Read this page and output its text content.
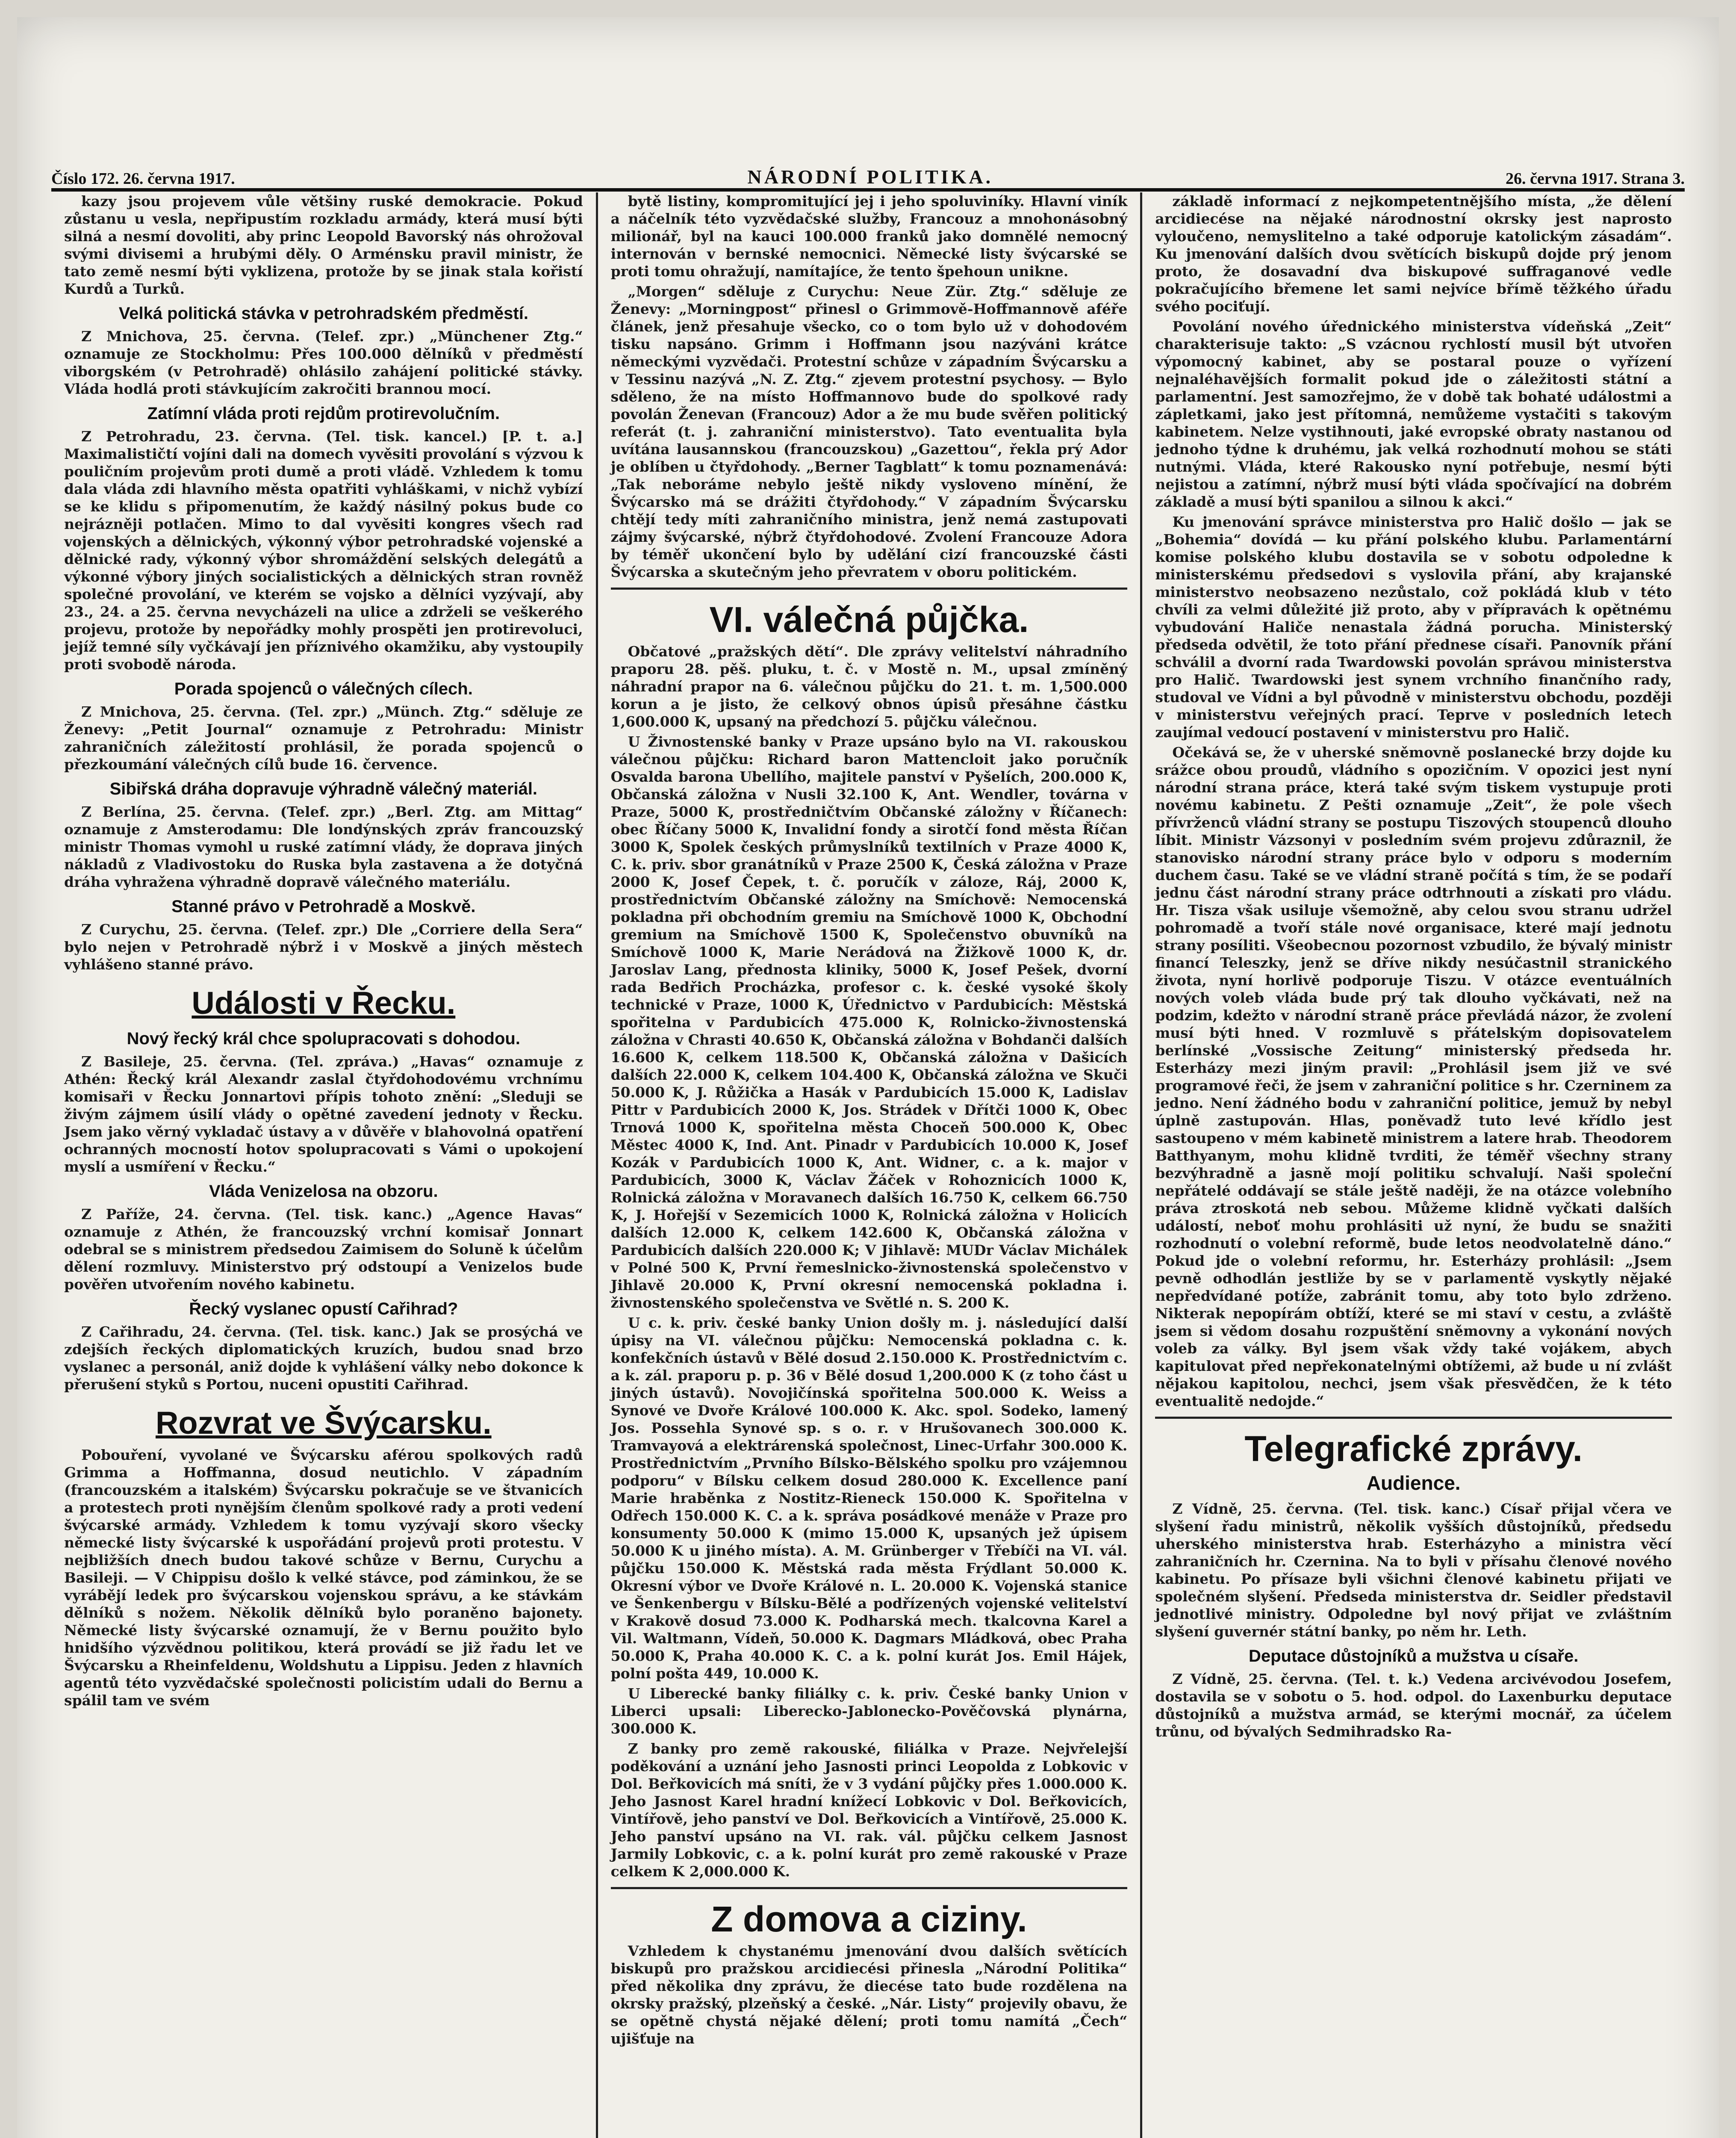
Číslo 172. 26. června 1917.	NÁRODNÍ POLITIKA.	26. června 1917. Strana 3.

kazy jsou projevem vůle většiny ruské demokracie. Pokud zůstanu u vesla, nepřipustím rozkladu armády, která musí býti silná a nesmí dovoliti, aby princ Leopold Bavorský nás ohrožoval svými divisemi a hrubými děly. O Arménsku pravil ministr, že tato země nesmí býti vyklizena, protože by se jinak stala kořistí Kurdů a Turků.

Velká politická stávka v petrohradském předměstí.

Z Mnichova, 25. června. (Telef. zpr.) „Münchener Ztg.“ oznamuje ze Stockholmu: Přes 100.000 dělníků v předměstí viborgském (v Petrohradě) ohlásilo zahájení politické stávky. Vláda hodlá proti stávkujícím zakročiti brannou mocí.

Zatímní vláda proti rejdům protirevolučním.

Z Petrohradu, 23. června. (Tel. tisk. kancel.) [P. t. a.] Maximalističtí vojíni dali na domech vyvěsiti provolání s výzvou k pouličním projevům proti dumě a proti vládě. Vzhledem k tomu dala vláda zdi hlavního města opatřiti vyhláškami, v nichž vybízí se ke klidu s připomenutím, že každý násilný pokus bude co nejrázněji potlačen. Mimo to dal vyvěsiti kongres všech rad vojenských a dělnických, výkonný výbor petrohradské vojenské a dělnické rady, výkonný výbor shromáždění selských delegátů a výkonné výbory jiných socialistických a dělnických stran rovněž společné provolání, ve kterém se vojsko a dělníci vyzývají, aby 23., 24. a 25. června nevycházeli na ulice a zdrželi se veškerého projevu, protože by nepořádky mohly prospěti jen protirevoluci, jejíž temné síly vyčkávají jen příznivého okamžiku, aby vystoupily proti svobodě národa.

Porada spojenců o válečných cílech.

Z Mnichova, 25. června. (Tel. zpr.) „Münch. Ztg.“ sděluje ze Ženevy: „Petit Journal“ oznamuje z Petrohradu: Ministr zahraničních záležitostí prohlásil, že porada spojenců o přezkoumání válečných cílů bude 16. července.

Sibiřská dráha dopravuje výhradně válečný materiál.

Z Berlína, 25. června. (Telef. zpr.) „Berl. Ztg. am Mittag“ oznamuje z Amsterodamu: Dle londýnských zpráv francouzský ministr Thomas vymohl u ruské zatímní vlády, že doprava jiných nákladů z Vladivostoku do Ruska byla zastavena a že dotyčná dráha vyhražena výhradně dopravě válečného materiálu.

Stanné právo v Petrohradě a Moskvě.

Z Curychu, 25. června. (Telef. zpr.) Dle „Corriere della Sera“ bylo nejen v Petrohradě nýbrž i v Moskvě a jiných městech vyhlášeno stanné právo.

Události v Řecku.
Nový řecký král chce spolupracovati s dohodou.

Z Basileje, 25. června. (Tel. zpráva.) „Havas“ oznamuje z Athén: Řecký král Alexandr zaslal čtyřdohodovému vrchnímu komisaři v Řecku Jonnartovi přípis tohoto znění: „Sleduji se živým zájmem úsilí vlády o opětné zavedení jednoty v Řecku. Jsem jako věrný vykladač ústavy a v důvěře v blahovolná opatření ochranných mocností hotov spolupracovati s Vámi o upokojení myslí a usmíření v Řecku.“

Vláda Venizelosa na obzoru.

Z Paříže, 24. června. (Tel. tisk. kanc.) „Agence Havas“ oznamuje z Athén, že francouzský vrchní komisař Jonnart odebral se s ministrem předsedou Zaimisem do Soluně k účelům dělení rozmluvy. Ministerstvo prý odstoupí a Venizelos bude pověřen utvořením nového kabinetu.

Řecký vyslanec opustí Cařihrad?

Z Cařihradu, 24. června. (Tel. tisk. kanc.) Jak se prosýchá ve zdejších řeckých diplomatických kruzích, budou snad brzo vyslanec a personál, aniž dojde k vyhlášení války nebo dokonce k přerušení styků s Portou, nuceni opustiti Cařihrad.

Rozvrat ve Švýcarsku.

Pobouření, vyvolané ve Švýcarsku aférou spolkových radů Grimma a Hoffmanna, dosud neutichlo. V západním (francouzském a italském) Švýcarsku pokračuje se ve štvanicích a protestech proti nynějším členům spolkové rady a proti vedení švýcarské armády. Vzhledem k tomu vyzývají skoro všecky německé listy švýcarské k uspořádání projevů proti protestu. V nejbližších dnech budou takové schůze v Bernu, Curychu a Basileji. — V Chippisu došlo k velké stávce, pod záminkou, že se vyrábějí ledek pro švýcarskou vojenskou správu, a ke stávkám dělníků s nožem. Několik dělníků bylo poraněno bajonety. Německé listy švýcarské oznamují, že v Bernu použito bylo hnidšího výzvědnou politikou, která provádí se již řadu let ve Švýcarsku a Rheinfeldenu, Woldshutu a Lippisu. Jeden z hlavních agentů této vyzvědačské společnosti policistím udali do Bernu a spálil tam ve svém

bytě listiny, kompromitující jej i jeho spoluviníky. Hlavní viník a náčelník této vyzvědačské služby, Francouz a mnohonásobný milionář, byl na kauci 100.000 franků jako domnělé nemocný internován v bernské nemocnici. Německé listy švýcarské se proti tomu ohražují, namítajíce, že tento špehoun unikne.

„Morgen“ sděluje z Curychu: Neue Zür. Ztg.“ sděluje ze Ženevy: „Morningpost“ přinesl o Grimmově-Hoffmannově aféře článek, jenž přesahuje všecko, co o tom bylo už v dohodovém tisku napsáno. Grimm i Hoffmann jsou nazýváni krátce německými vyzvědači. Protestní schůze v západním Švýcarsku a v Tessinu nazývá „N. Z. Ztg.“ zjevem protestní psychosy. — Bylo sděleno, že na místo Hoffmannovo bude do spolkové rady povolán Ženevan (Francouz) Ador a že mu bude svěřen politický referát (t. j. zahraniční ministerstvo). Tato eventualita byla uvítána lausannskou (francouzskou) „Gazettou“, řekla prý Ador je oblíben u čtyřdohody. „Berner Tagblatt“ k tomu poznamenává: „Tak neboráme nebylo ještě nikdy vysloveno mínění, že Švýcarsko má se drážiti čtyřdohody.“ V západním Švýcarsku chtějí tedy míti zahraničního ministra, jenž nemá zastupovati zájmy švýcarské, nýbrž čtyřdohodové. Zvolení Francouze Adora by téměř ukončení bylo by udělání cizí francouzské části Švýcarska a skutečným jeho převratem v oboru politickém.

VI. válečná půjčka.

Občatové „pražských dětí“. Dle zprávy velitelství náhradního praporu 28. pěš. pluku, t. č. v Mostě n. M., upsal zmíněný náhradní prapor na 6. válečnou půjčku do 21. t. m. 1,500.000 korun a je jisto, že celkový obnos úpisů přesáhne částku 1,600.000 K, upsaný na předchozí 5. půjčku válečnou.

U Živnostenské banky v Praze upsáno bylo na VI. rakouskou válečnou půjčku: Richard baron Mattencloit jako poručník Osvalda barona Ubellího, majitele panství v Pyšelích, 200.000 K, Občanská záložna v Nusli 32.100 K, Ant. Wendler, továrna v Praze, 5000 K, prostředničtvím Občanské záložny v Říčanech: obec Říčany 5000 K, Invalidní fondy a sirotčí fond města Říčan 3000 K, Spolek českých průmyslníků textilních v Praze 4000 K, C. k. priv. sbor granátníků v Praze 2500 K, Česká záložna v Praze 2000 K, Josef Čepek, t. č. poručík v záloze, Ráj, 2000 K, prostřednictvím Občanské záložny na Smíchově: Nemocenská pokladna při obchodním gremiu na Smíchově 1000 K, Obchodní gremium na Smíchově 1500 K, Společenstvo obuvníků na Smíchově 1000 K, Marie Nerádová na Žižkově 1000 K, dr. Jaroslav Lang, přednosta kliniky, 5000 K, Josef Pešek, dvorní rada Bedřich Procházka, profesor c. k. české vysoké školy technické v Praze, 1000 K, Úřednictvo v Pardubicích: Městská spořitelna v Pardubicích 475.000 K, Rolnicko-živnostenská záložna v Chrasti 40.650 K, Občanská záložna v Bohdanči dalších 16.600 K, celkem 118.500 K, Občanská záložna v Dašicích dalších 22.000 K, celkem 104.400 K, Občanská záložna ve Skuči 50.000 K, J. Růžička a Hasák v Pardubicích 15.000 K, Ladislav Pittr v Pardubicích 2000 K, Jos. Strádek v Dřítči 1000 K, Obec Trnová 1000 K, spořitelna města Choceň 500.000 K, Obec Městec 4000 K, Ind. Ant. Pinadr v Pardubicích 10.000 K, Josef Kozák v Pardubicích 1000 K, Ant. Widner, c. a k. major v Pardubicích, 3000 K, Václav Žáček v Rohoznicích 1000 K, Rolnická záložna v Moravanech dalších 16.750 K, celkem 66.750 K, J. Hořejší v Sezemicích 1000 K, Rolnická záložna v Holicích dalších 12.000 K, celkem 142.600 K, Občanská záložna v Pardubicích dalších 220.000 K; V Jihlavě: MUDr Václav Michálek v Polné 500 K, První řemeslnicko-živnostenská společenstvo v Jihlavě 20.000 K, První okresní nemocenská pokladna i. živnostenského společenstva ve Světlé n. S. 200 K.

U c. k. priv. české banky Union došly m. j. následující další úpisy na VI. válečnou půjčku: Nemocenská pokladna c. k. konfekčních ústavů v Bělé dosud 2.150.000 K. Prostřednictvím c. a k. zál. praporu p. p. 36 v Bělé dosud 1,200.000 K (z toho část u jiných ústavů). Novojičínská spořitelna 500.000 K. Weiss a Synové ve Dvoře Králové 100.000 K. Akc. spol. Sodeko, lamený Jos. Possehla Synové sp. s o. r. v Hrušovanech 300.000 K. Tramvayová a elektrárenská společnost, Linec-Urfahr 300.000 K. Prostřednictvím „Prvního Bílsko-Bělského spolku pro vzájemnou podporu“ v Bílsku celkem dosud 280.000 K. Excellence paní Marie hraběnka z Nostitz-Rieneck 150.000 K. Spořitelna v Odřech 150.000 K. C. a k. správa posádkové menáže v Praze pro konsumenty 50.000 K (mimo 15.000 K, upsaných jež úpisem 50.000 K u jiného místa). A. M. Grünberger v Třebíči na VI. vál. půjčku 150.000 K. Městská rada města Frýdlant 50.000 K. Okresní výbor ve Dvoře Králové n. L. 20.000 K. Vojenská stanice ve Šenkenbergu v Bílsku-Bělé a podřízených vojenské velitelství v Krakově dosud 73.000 K. Podharská mech. tkalcovna Karel a Vil. Waltmann, Vídeň, 50.000 K. Dagmars Mládková, obec Praha 50.000 K, Praha 40.000 K. C. a k. polní kurát Jos. Emil Hájek, polní pošta 449, 10.000 K.

U Liberecké banky filiálky c. k. priv. České banky Union v Liberci upsali: Liberecko-Jablonecko-Pověčovská plynárna, 300.000 K.

Z banky pro země rakouské, filiálka v Praze. Nejvřelejší poděkování a uznání jeho Jasnosti princi Leopolda z Lobkovic v Dol. Beřkovicích má sníti, že v 3 vydání půjčky přes 1.000.000 K. Jeho Jasnost Karel hradní knížecí Lobkovic v Dol. Beřkovicích, Vintířově, jeho panství ve Dol. Beřkovicích a Vintířově, 25.000 K. Jeho panství upsáno na VI. rak. vál. půjčku celkem Jasnost Jarmily Lobkovic, c. a k. polní kurát pro země rakouské v Praze celkem K 2,000.000 K.

Z domova a cizinу.

Vzhledem k chystanému jmenování dvou dalších světících biskupů pro pražskou arcidiecési přinesla „Národní Politika“ před několika dny zprávu, že diecése tato bude rozdělena na okrsky pražský, plzeňský a české. „Nár. Listy“ projevily obavu, že se opětně chystá nějaké dělení; proti tomu namítá „Čech“ ujišťuje na

základě informací z nejkompetentnějšího místa, „že dělení arcidiecése na nějaké národnostní okrsky jest naprosto vyloučeno, nemyslitelno a také odporuje katolickým zásadám“. Ku jmenování dalších dvou světících biskupů dojde prý jenom proto, že dosavadní dva biskupové suffraganové vedle pokračujícího břemene let sami nejvíce břímě těžkého úřadu svého pociťují.

Povolání nového úřednického ministerstva vídeňská „Zeit“ charakterisuje takto: „S vzácnou rychlostí musil být utvořen výpomocný kabinet, aby se postaral pouze o vyřízení nejnaléhavějších formalit pokud jde o záležitosti státní a parlamentní. Jest samozřejmo, že v době tak bohaté událostmi a zápletkami, jako jest přítomná, nemůžeme vystačiti s takovým kabinetem. Nelze vystihnouti, jaké evropské obraty nastanou od jednoho týdne k druhému, jak velká rozhodnutí mohou se státi nutnými. Vláda, které Rakousko nyní potřebuje, nesmí býti nejistou a zatímní, nýbrž musí býti vláda spočívající na dobrém základě a musí býti spanilou a silnou k akci.“

Ku jmenování správce ministerstva pro Halič došlo — jak se „Bohemia“ dovídá — ku přání polského klubu. Parlamentární komise polského klubu dostavila se v sobotu odpoledne k ministerskému předsedovi s vyslovila přání, aby krajanské ministerstvo neobsazeno nezůstalo, což pokládá klub v této chvíli za velmi důležité již proto, aby v přípravách k opětnému vybudování Haliče nenastala žádná porucha. Ministerský předseda odvětil, že toto přání přednese císaři. Panovník přání schválil a dvorní rada Twardowski povolán správou ministerstva pro Halič. Twardowski jest synem vrchního finančního rady, studoval ve Vídni a byl původně v ministerstvu obchodu, později v ministerstvu veřejných prací. Teprve v posledních letech zaujímal vedoucí postavení v ministerstvu pro Halič.

Očekává se, že v uherské sněmovně poslanecké brzy dojde ku srážce obou proudů, vládního s opozičním. V opozici jest nyní národní strana práce, která také svým tiskem vystupuje proti novému kabinetu. Z Pešti oznamuje „Zeit“, že pole všech přívrženců vládní strany se postupu Tiszových stoupenců dlouho líbit. Ministr Vázsonyi v posledním svém projevu zdůraznil, že stanovisko národní strany práce bylo v odporu s moderním duchem času. Také se ve vládní straně počítá s tím, že se podaří jednu část národní strany práce odtrhnouti a získati pro vládu. Hr. Tisza však usiluje všemožně, aby celou svou stranu udržel pohromadě a tvoří stále nové organisace, které mají jednotu strany posíliti. Všeobecnou pozornost vzbudilo, že bývalý ministr financí Teleszky, jenž se dříve nikdy nesúčastnil stranického života, nyní horlivě podporuje Tiszu. V otázce eventuálních nových voleb vláda bude prý tak dlouho vyčkávati, než na podzim, kdežto v národní straně práce převládá názor, že zvolení musí býti hned. V rozmluvě s přátelským dopisovatelem berlínské „Vossische Zeitung“ ministerský předseda hr. Esterházy mezi jiným pravil: „Prohlásil jsem již ve své programové řeči, že jsem v zahraniční politice s hr. Czerninem za jedno. Není žádného bodu v zahraniční politice, jemuž by nebyl úplně zastupován. Hlas, poněvadž tuto levé křídlo jest sastoupeno v mém kabinetě ministrem a latere hrab. Theodorem Batthyanym, mohu klidně tvrditi, že téměř všechny strany bezvýhradně a jasně mojí politiku schvalují. Naši společní nepřátelé oddávají se stále ještě naději, že na otázce volebního práva ztroskotá neb sebou. Můžeme klidně vyčkati dalších událostí, neboť mohu prohlásiti už nyní, že budu se snažiti rozhodnutí o volební reformě, bude letos neodvolatelně dáno.“ Pokud jde o volební reformu, hr. Esterházy prohlásil: „Jsem pevně odhodlán jestliže by se v parlamentě vyskytly nějaké nepředvídané potíže, zabránit tomu, aby toto bylo zdrženo. Nikterak nepopírám obtíží, které se mi staví v cestu, a zvláště jsem si vědom dosahu rozpuštění sněmovny a vykonání nových voleb za války. Byl jsem však vždy také vojákem, abych kapitulovat před nepřekonatelnými obtížemi, až bude u ní zvlášt nějakou kapitolou, nechci, jsem však přesvědčen, že k této eventualitě nedojde.“

Telegrafické zprávy.
Audience.

Z Vídně, 25. června. (Tel. tisk. kanc.) Císař přijal včera ve slyšení řadu ministrů, několik vyšších důstojníků, předsedu uherského ministerstva hrab. Esterházyho a ministra věcí zahraničních hr. Czernina. Na to byli v přísahu členové nového kabinetu. Po přísaze byli všichni členové kabinetu přijati ve společném slyšení. Předseda ministerstva dr. Seidler představil jednotlivé ministry. Odpoledne byl nový přijat ve zvláštním slyšení guvernér státní banky, po něm hr. Leth.

Deputace důstojníků a mužstva u císaře.

Z Vídně, 25. června. (Tel. t. k.) Vedena arcivévodou Josefem, dostavila se v sobotu o 5. hod. odpol. do Laxenburku deputace důstojníků a mužstva armád, se kterými mocnář, za účelem trůnu, od bývalých Sedmihradsko Ra-
